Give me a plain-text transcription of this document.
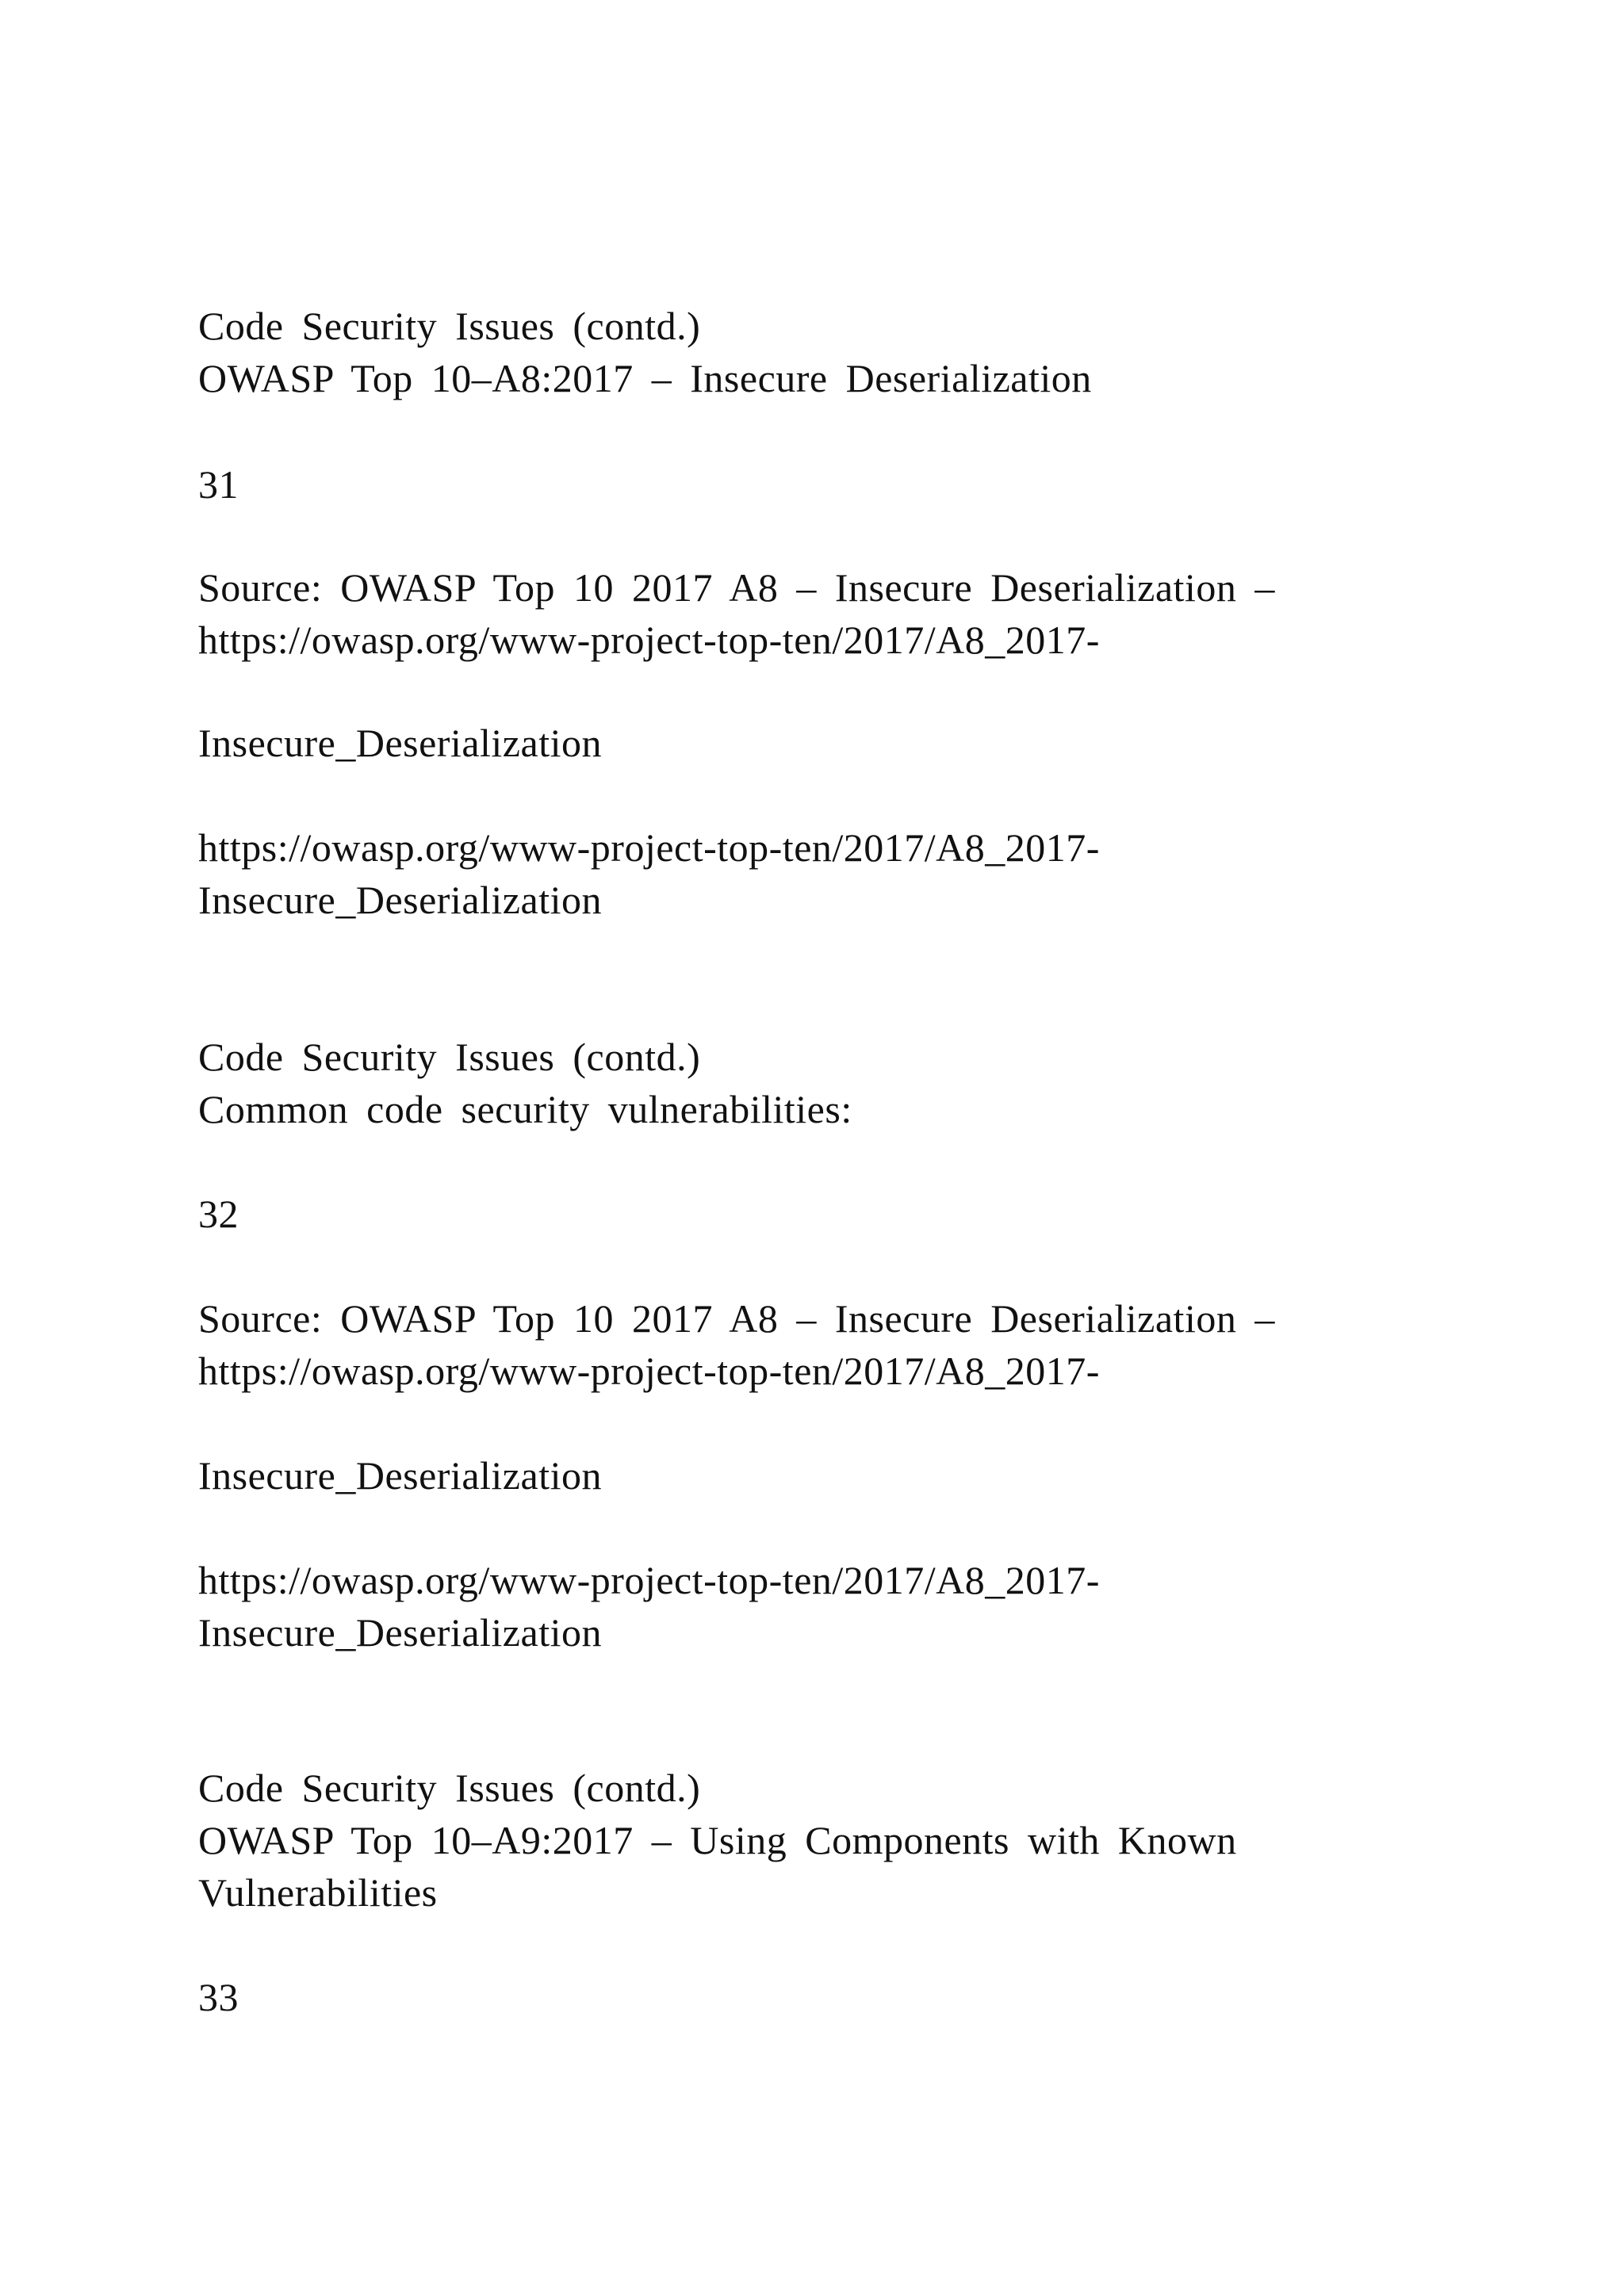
Code Security Issues (contd.)
OWASP Top 10–A8:2017 – Insecure Deserialization
31
Source: OWASP Top 10 2017 A8 – Insecure Deserialization –
https://owasp.org/www-project-top-ten/2017/A8_2017-
Insecure_Deserialization
https://owasp.org/www-project-top-ten/2017/A8_2017-
Insecure_Deserialization
Code Security Issues (contd.)
Common code security vulnerabilities:
32
Source: OWASP Top 10 2017 A8 – Insecure Deserialization –
https://owasp.org/www-project-top-ten/2017/A8_2017-
Insecure_Deserialization
https://owasp.org/www-project-top-ten/2017/A8_2017-
Insecure_Deserialization
Code Security Issues (contd.)
OWASP Top 10–A9:2017 – Using Components with Known
Vulnerabilities
33
